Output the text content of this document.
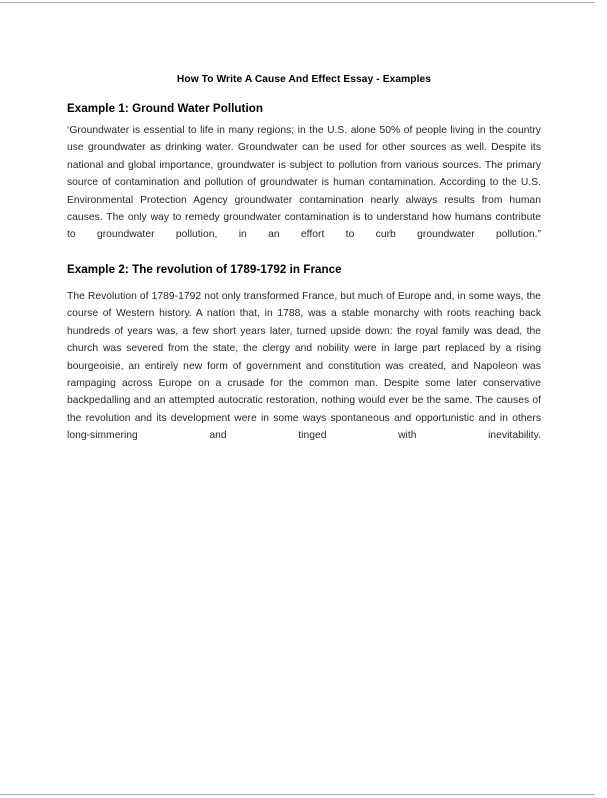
How To Write A Cause And Effect Essay - Examples
Example 1: Ground Water Pollution

‘Groundwater is essential to life in many regions; in the U.S. alone 50% of people living in the country use groundwater as drinking water. Groundwater can be used for other sources as well. Despite its national and global importance, groundwater is subject to pollution from various sources. The primary source of contamination and pollution of groundwater is human contamination. According to the U.S. Environmental Protection Agency groundwater contamination nearly always results from human causes. The only way to remedy groundwater contamination is to understand how humans contribute to groundwater pollution, in an effort to curb groundwater pollution.”

Example 2: The revolution of 1789-1792 in France

The Revolution of 1789-1792 not only transformed France, but much of Europe and, in some ways, the course of Western history. A nation that, in 1788, was a stable monarchy with roots reaching back hundreds of years was, a few short years later, turned upside down: the royal family was dead, the church was severed from the state, the clergy and nobility were in large part replaced by a rising bourgeoisie, an entirely new form of government and constitution was created, and Napoleon was rampaging across Europe on a crusade for the common man. Despite some later conservative backpedalling and an attempted autocratic restoration, nothing would ever be the same. The causes of the revolution and its development were in some ways spontaneous and opportunistic and in others long-simmering and tinged with inevitability.
